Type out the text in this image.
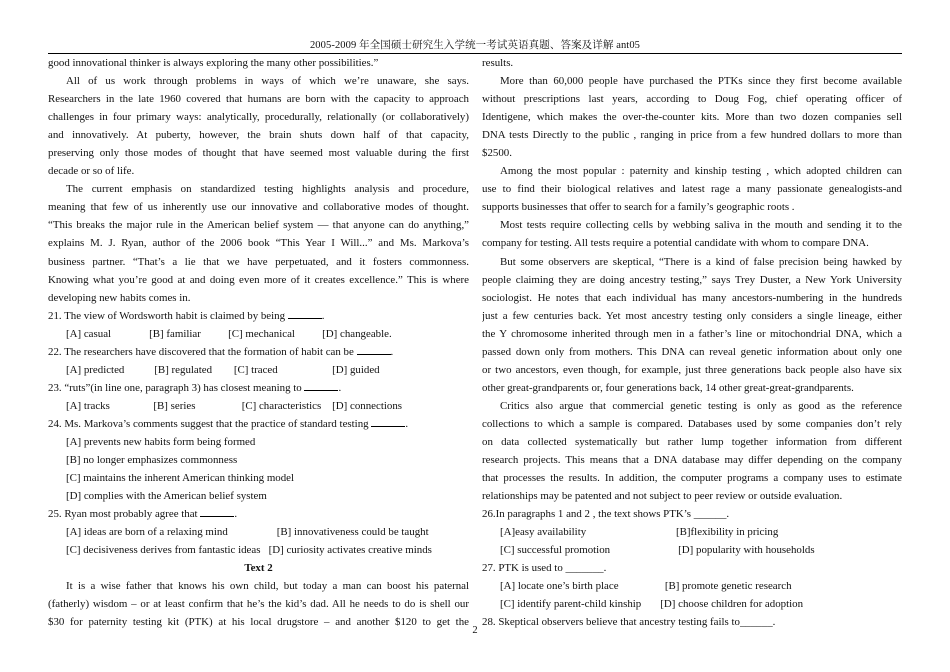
2005-2009 年全国硕士研究生入学统一考试英语真题、答案及详解 ant05
good innovational thinker is always exploring the many other possibilities.”
All of us work through problems in ways of which we’re unaware, she says.
Researchers in the late 1960 covered that humans are born with the capacity to approach
challenges in four primary ways: analytically, procedurally, relationally (or collaboratively)
and innovatively. At puberty, however, the brain shuts down half of that capacity,
preserving only those modes of thought that have seemed most valuable during the first
decade or so of life.
The current emphasis on standardized testing highlights analysis and procedure,
meaning that few of us inherently use our innovative and collaborative modes of thought.
“This breaks the major rule in the American belief system — that anyone can do anything,”
explains M. J. Ryan, author of the 2006 book “This Year I Will...” and Ms. Markova’s
business partner. “That’s a lie that we have perpetuated, and it fosters commonness.
Knowing what you’re good at and doing even more of it creates excellence.” This is where
developing new habits comes in.
21. The view of Wordsworth habit is claimed by being	.
[A] casual              [B] familiar          [C] mechanical          [D] changeable.
22. The researchers have discovered that the formation of habit can be	.
[A] predicted           [B] regulated        [C] traced                    [D] guided
23. “ruts”(in line one, paragraph 3) has closest meaning to	.
[A] tracks                [B] series                 [C] characteristics    [D] connections
24. Ms. Markova’s comments suggest that the practice of standard testing	.
[A] prevents new habits form being formed
[B] no longer emphasizes commonness
[C] maintains the inherent American thinking model
[D] complies with the American belief system
25. Ryan most probably agree that	.
[A] ideas are born of a relaxing mind                  [B] innovativeness could be taught
[C] decisiveness derives from fantastic ideas   [D] curiosity activates creative minds
Text 2
It is a wise father that knows his own child, but today a man can boost his paternal
(fatherly) wisdom – or at least confirm that he’s the kid’s dad. All he needs to do is shell our
$30 for paternity testing kit (PTK) at his local drugstore – and another $120 to get the
results.
More than 60,000 people have purchased the PTKs since they first become available
without prescriptions last years, according to Doug Fog, chief operating officer of
Identigene, which makes the over-the-counter kits. More than two dozen companies sell
DNA tests Directly to the public , ranging in price from a few hundred dollars to more than
$2500.
Among the most popular : paternity and kinship testing , which adopted children can
use to find their biological relatives and latest rage a many passionate genealogists-and
supports businesses that offer to search for a family’s geographic roots .
Most tests require collecting cells by webbing saliva in the mouth and sending it to the
company for testing. All tests require a potential candidate with whom to compare DNA.
But some observers are skeptical, “There is a kind of false precision being hawked by
people claiming they are doing ancestry testing,” says Trey Duster, a New York University
sociologist. He notes that each individual has many ancestors-numbering in the hundreds
just a few centuries back. Yet most ancestry testing only considers a single lineage, either
the Y chromosome inherited through men in a father’s line or mitochondrial DNA, which a
passed down only from mothers. This DNA can reveal genetic information about only one
or two ancestors, even though, for example, just three generations back people also have six
other great-grandparents or, four generations back, 14 other great-great-grandparents.
Critics also argue that commercial genetic testing is only as good as the reference
collections to which a sample is compared. Databases used by some companies don’t rely
on data collected systematically but rather lump together information from different
research projects. This means that a DNA database may differ depending on the company
that processes the results. In addition, the computer programs a company uses to estimate
relationships may be patented and not subject to peer review or outside evaluation.
26.In paragraphs 1 and 2 , the text shows PTK’s ______.
[A]easy availability                                 [B]flexibility in pricing
[C] successful promotion                         [D] popularity with households
27. PTK is used to _______.
[A] locate one’s birth place                 [B] promote genetic research
[C] identify parent-child kinship       [D] choose children for adoption
28. Skeptical observers believe that ancestry testing fails to______.
2
